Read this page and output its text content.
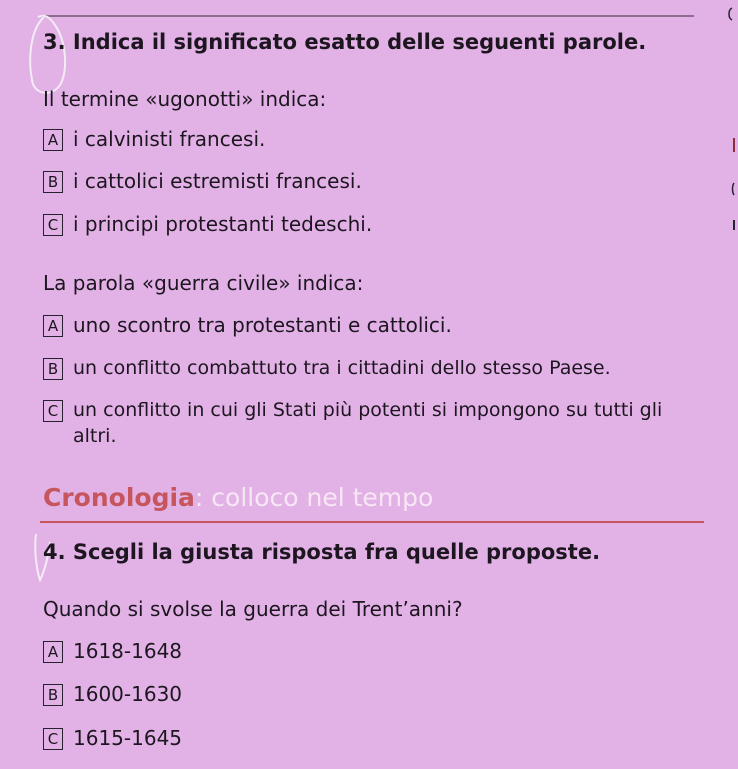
3. Indica il significato esatto delle seguenti parole.
Il termine «ugonotti» indica:
A i calvinisti francesi.
B i cattolici estremisti francesi.
C i principi protestanti tedeschi.
La parola «guerra civile» indica:
A uno scontro tra protestanti e cattolici.
B un conflitto combattuto tra i cittadini dello stesso Paese.
C un conflitto in cui gli Stati più potenti si impongono su tutti gli altri.
Cronologia: colloco nel tempo
4. Scegli la giusta risposta fra quelle proposte.
Quando si svolse la guerra dei Trent’anni?
A 1618-1648
B 1600-1630
C 1615-1645
